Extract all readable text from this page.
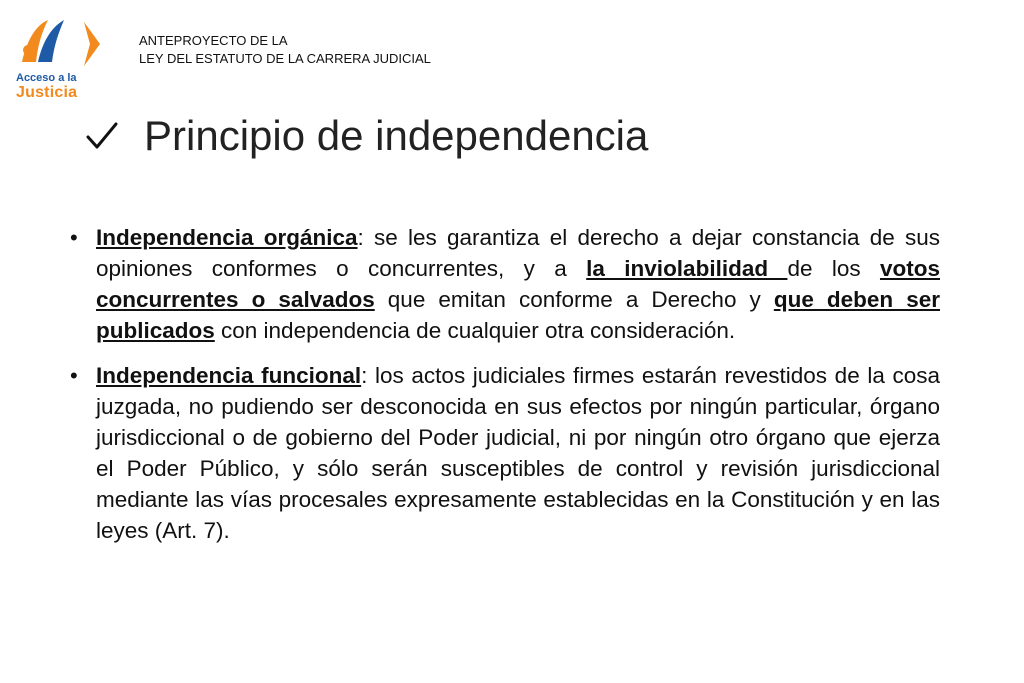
Acceso a la
Justicia
ANTEPROYECTO DE LA
LEY DEL ESTATUTO DE LA CARRERA JUDICIAL
Principio de independencia
• Independencia orgánica: se les garantiza el derecho a dejar constancia de sus opiniones conformes o concurrentes, y a la inviolabilidad de los votos concurrentes o salvados que emitan conforme a Derecho y que deben ser publicados con independencia de cualquier otra consideración.
• Independencia funcional: los actos judiciales firmes estarán revestidos de la cosa juzgada, no pudiendo ser desconocida en sus efectos por ningún particular, órgano jurisdiccional o de gobierno del Poder judicial, ni por ningún otro órgano que ejerza el Poder Público, y sólo serán susceptibles de control y revisión jurisdiccional mediante las vías procesales expresamente establecidas en la Constitución y en las leyes (Art. 7).
